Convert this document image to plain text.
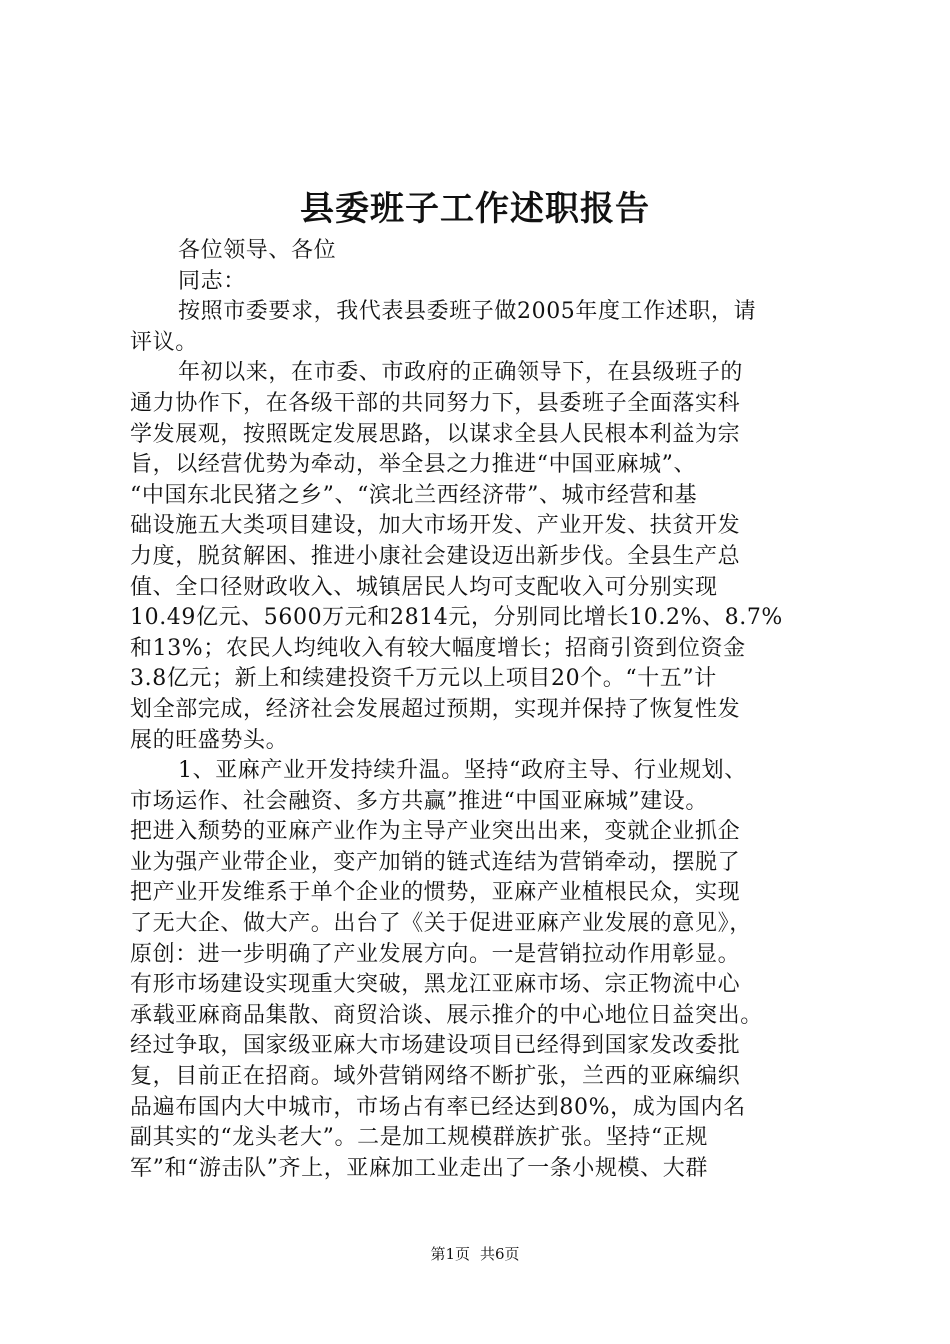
县委班子工作述职报告
各位领导、各位
同志：
按照市委要求，我代表县委班子做2005年度工作述职，请
评议。
年初以来，在市委、市政府的正确领导下，在县级班子的
通力协作下，在各级干部的共同努力下，县委班子全面落实科
学发展观，按照既定发展思路，以谋求全县人民根本利益为宗
旨，以经营优势为牵动，举全县之力推进“中国亚麻城”、
“中国东北民猪之乡”、“滨北兰西经济带”、城市经营和基
础设施五大类项目建设，加大市场开发、产业开发、扶贫开发
力度，脱贫解困、推进小康社会建设迈出新步伐。全县生产总
值、全口径财政收入、城镇居民人均可支配收入可分别实现
10.49亿元、5600万元和2814元，分别同比增长10.2%、8.7%
和13%；农民人均纯收入有较大幅度增长；招商引资到位资金
3.8亿元；新上和续建投资千万元以上项目20个。“十五”计
划全部完成，经济社会发展超过预期，实现并保持了恢复性发
展的旺盛势头。
1、亚麻产业开发持续升温。坚持“政府主导、行业规划、
市场运作、社会融资、多方共赢”推进“中国亚麻城”建设。
把进入颓势的亚麻产业作为主导产业突出出来，变就企业抓企
业为强产业带企业，变产加销的链式连结为营销牵动，摆脱了
把产业开发维系于单个企业的惯势，亚麻产业植根民众，实现
了无大企、做大产。出台了《关于促进亚麻产业发展的意见》，
原创：进一步明确了产业发展方向。一是营销拉动作用彰显。
有形市场建设实现重大突破，黑龙江亚麻市场、宗正物流中心
承载亚麻商品集散、商贸洽谈、展示推介的中心地位日益突出。
经过争取，国家级亚麻大市场建设项目已经得到国家发改委批
复，目前正在招商。域外营销网络不断扩张，兰西的亚麻编织
品遍布国内大中城市，市场占有率已经达到80%，成为国内名
副其实的“龙头老大”。二是加工规模群族扩张。坚持“正规
军”和“游击队”齐上，亚麻加工业走出了一条小规模、大群
第1页 共6页
